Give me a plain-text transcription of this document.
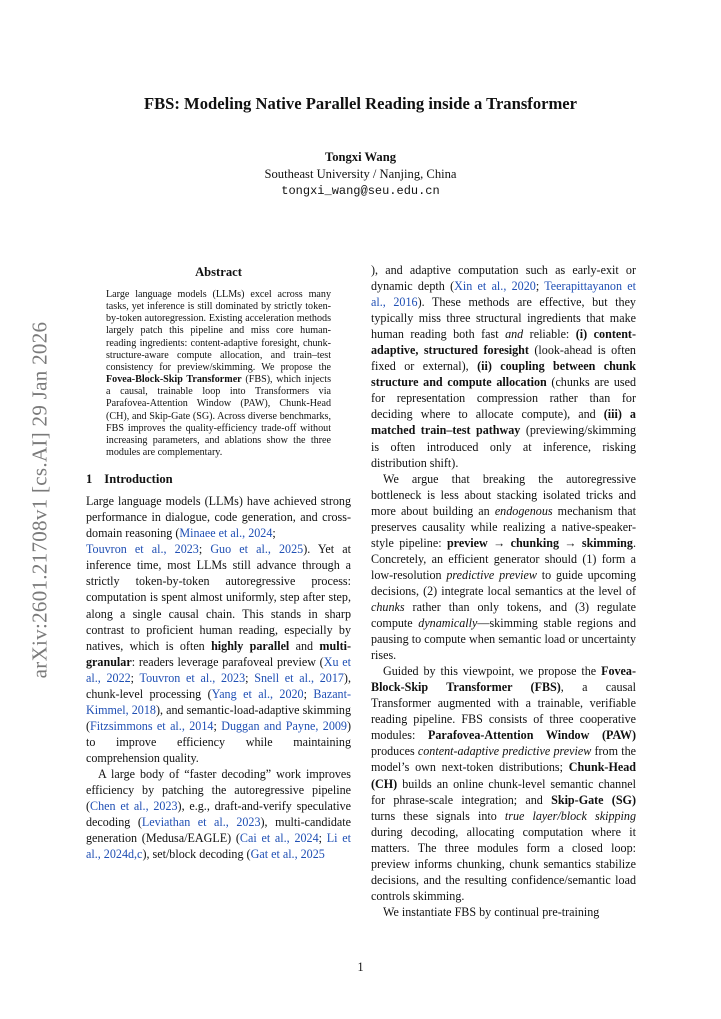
arXiv:2601.21708v1 [cs.AI] 29 Jan 2026
FBS: Modeling Native Parallel Reading inside a Transformer
Tongxi Wang
Southeast University / Nanjing, China
tongxi_wang@seu.edu.cn
Abstract
Large language models (LLMs) excel across many tasks, yet inference is still dominated by strictly token-by-token autoregression. Existing acceleration methods largely patch this pipeline and miss core human-reading ingredients: content-adaptive foresight, chunk-structure-aware compute allocation, and train–test consistency for preview/skimming. We propose the Fovea-Block-Skip Transformer (FBS), which injects a causal, trainable loop into Transformers via Parafovea-Attention Window (PAW), Chunk-Head (CH), and Skip-Gate (SG). Across diverse benchmarks, FBS improves the quality-efficiency trade-off without increasing parameters, and ablations show the three modules are complementary.
1 Introduction

Large language models (LLMs) have achieved strong performance in dialogue, code generation, and cross-domain reasoning (Minaee et al., 2024;
Touvron et al., 2023; Guo et al., 2025). Yet at inference time, most LLMs still advance through a strictly token-by-token autoregressive process: computation is spent almost uniformly, step after step, along a single causal chain. This stands in sharp contrast to proficient human reading, especially by natives, which is often highly parallel and multi-granular: readers leverage parafoveal preview (Xu et al., 2022; Touvron et al., 2023; Snell et al., 2017), chunk-level processing (Yang et al., 2020; Bazant-Kimmel, 2018), and semantic-load-adaptive skimming (Fitzsimmons et al., 2014; Duggan and Payne, 2009) to improve efficiency while maintaining comprehension quality.

A large body of “faster decoding” work improves efficiency by patching the autoregressive pipeline (Chen et al., 2023), e.g., draft-and-verify speculative decoding (Leviathan et al., 2023), multi-candidate generation (Medusa/EAGLE) (Cai et al., 2024; Li et al., 2024d,c), set/block decoding (Gat et al., 2025

), and adaptive computation such as early-exit or dynamic depth (Xin et al., 2020; Teerapittayanon et al., 2016). These methods are effective, but they typically miss three structural ingredients that make human reading both fast and reliable: (i) content-adaptive, structured foresight (look-ahead is often fixed or external), (ii) coupling between chunk structure and compute allocation (chunks are used for representation compression rather than for deciding where to allocate compute), and (iii) a matched train–test pathway (previewing/skimming is often introduced only at inference, risking distribution shift).

We argue that breaking the autoregressive bottleneck is less about stacking isolated tricks and more about building an endogenous mechanism that preserves causality while realizing a native-speaker-style pipeline: preview → chunking → skimming. Concretely, an efficient generator should (1) form a low-resolution predictive preview to guide upcoming decisions, (2) integrate local semantics at the level of chunks rather than only tokens, and (3) regulate compute dynamically—skimming stable regions and pausing to compute when semantic load or uncertainty rises.

Guided by this viewpoint, we propose the Fovea-Block-Skip Transformer (FBS), a causal Transformer augmented with a trainable, verifiable reading pipeline. FBS consists of three cooperative modules: Parafovea-Attention Window (PAW) produces content-adaptive predictive preview from the model’s own next-token distributions; Chunk-Head (CH) builds an online chunk-level semantic channel for phrase-scale integration; and Skip-Gate (SG) turns these signals into true layer/block skipping during decoding, allocating computation where it matters. The three modules form a closed loop: preview informs chunking, chunk semantics stabilize decisions, and the resulting confidence/semantic load controls skimming.

We instantiate FBS by continual pre-training

1
